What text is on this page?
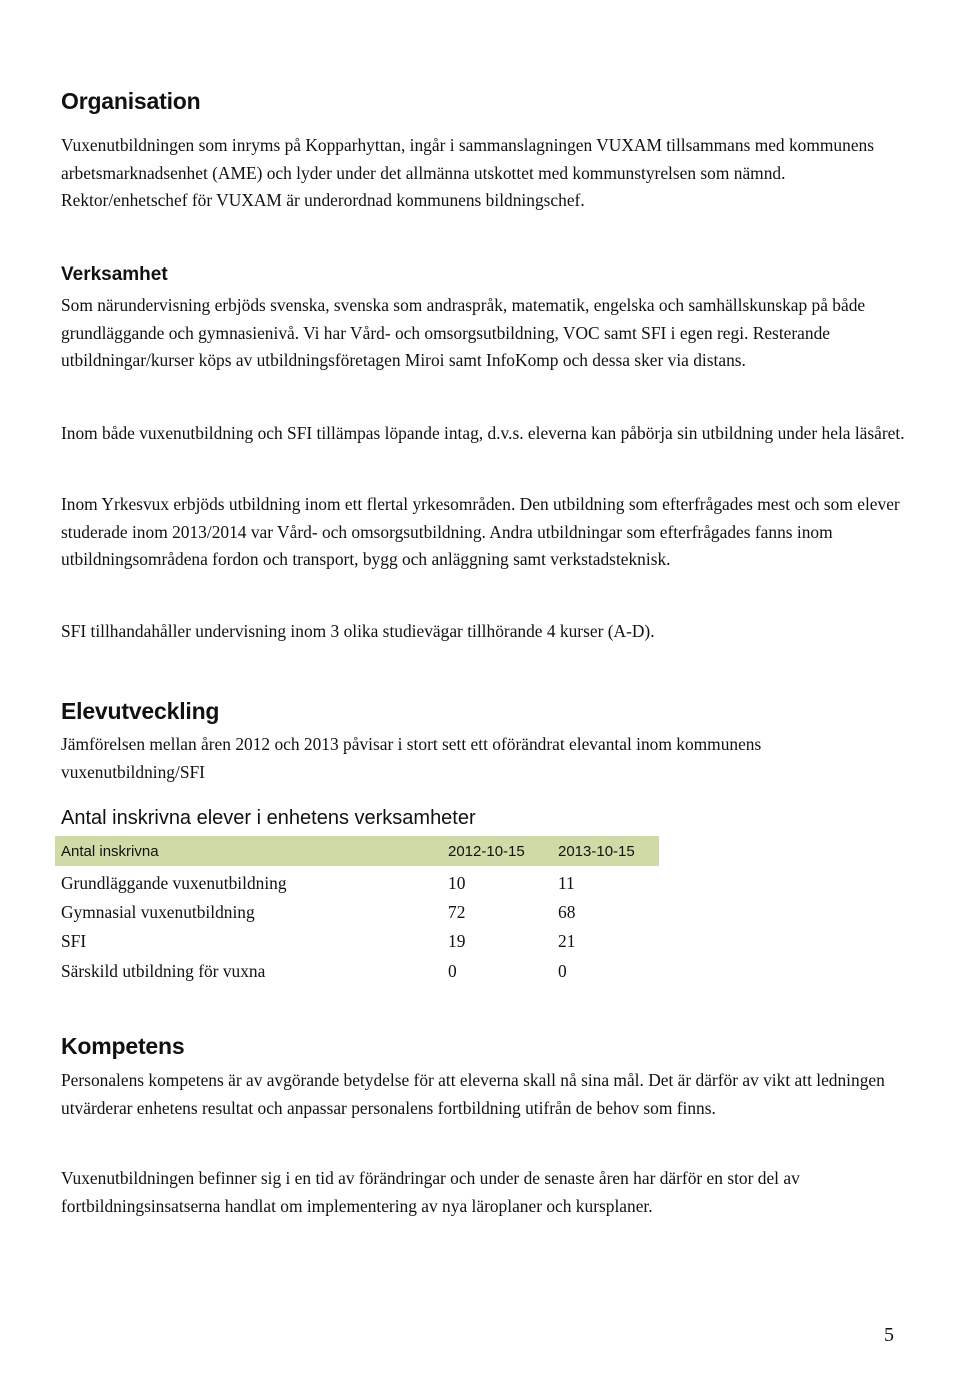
Organisation

Vuxenutbildningen som inryms på Kopparhyttan, ingår i sammanslagningen VUXAM tillsammans med kommunens arbetsmarknadsenhet (AME) och lyder under det allmänna utskottet med kommunstyrelsen som nämnd. Rektor/enhetschef för VUXAM är underordnad kommunens bildningschef.

Verksamhet

Som närundervisning erbjöds svenska, svenska som andraspråk, matematik, engelska och samhällskunskap på både grundläggande och gymnasienivå. Vi har Vård- och omsorgsutbildning, VOC samt SFI i egen regi. Resterande utbildningar/kurser köps av utbildningsföretagen Miroi samt InfoKomp och dessa sker via distans.

Inom både vuxenutbildning och SFI tillämpas löpande intag, d.v.s. eleverna kan påbörja sin utbildning under hela läsåret.

Inom Yrkesvux erbjöds utbildning inom ett flertal yrkesområden. Den utbildning som efterfrågades mest och som elever studerade inom 2013/2014 var Vård- och omsorgsutbildning. Andra utbildningar som efterfrågades fanns inom utbildningsområdena fordon och transport, bygg och anläggning samt verkstadsteknisk.

SFI tillhandahåller undervisning inom 3 olika studievägar tillhörande 4 kurser (A-D).

Elevutveckling

Jämförelsen mellan åren 2012 och 2013 påvisar i stort sett ett oförändrat elevantal inom kommunens vuxenutbildning/SFI

Antal inskrivna elever i enhetens verksamheter
Antal inskrivna	2012-10-15 2013-10-15
Grundläggande vuxenutbildning	10	11
Gymnasial vuxenutbildning	72	68
SFI	19	21
Särskild utbildning för vuxna	0	0
Kompetens

Personalens kompetens är av avgörande betydelse för att eleverna skall nå sina mål. Det är därför av vikt att ledningen utvärderar enhetens resultat och anpassar personalens fortbildning utifrån de behov som finns.

Vuxenutbildningen befinner sig i en tid av förändringar och under de senaste åren har därför en stor del av fortbildningsinsatserna handlat om implementering av nya läroplaner och kursplaner.

5
